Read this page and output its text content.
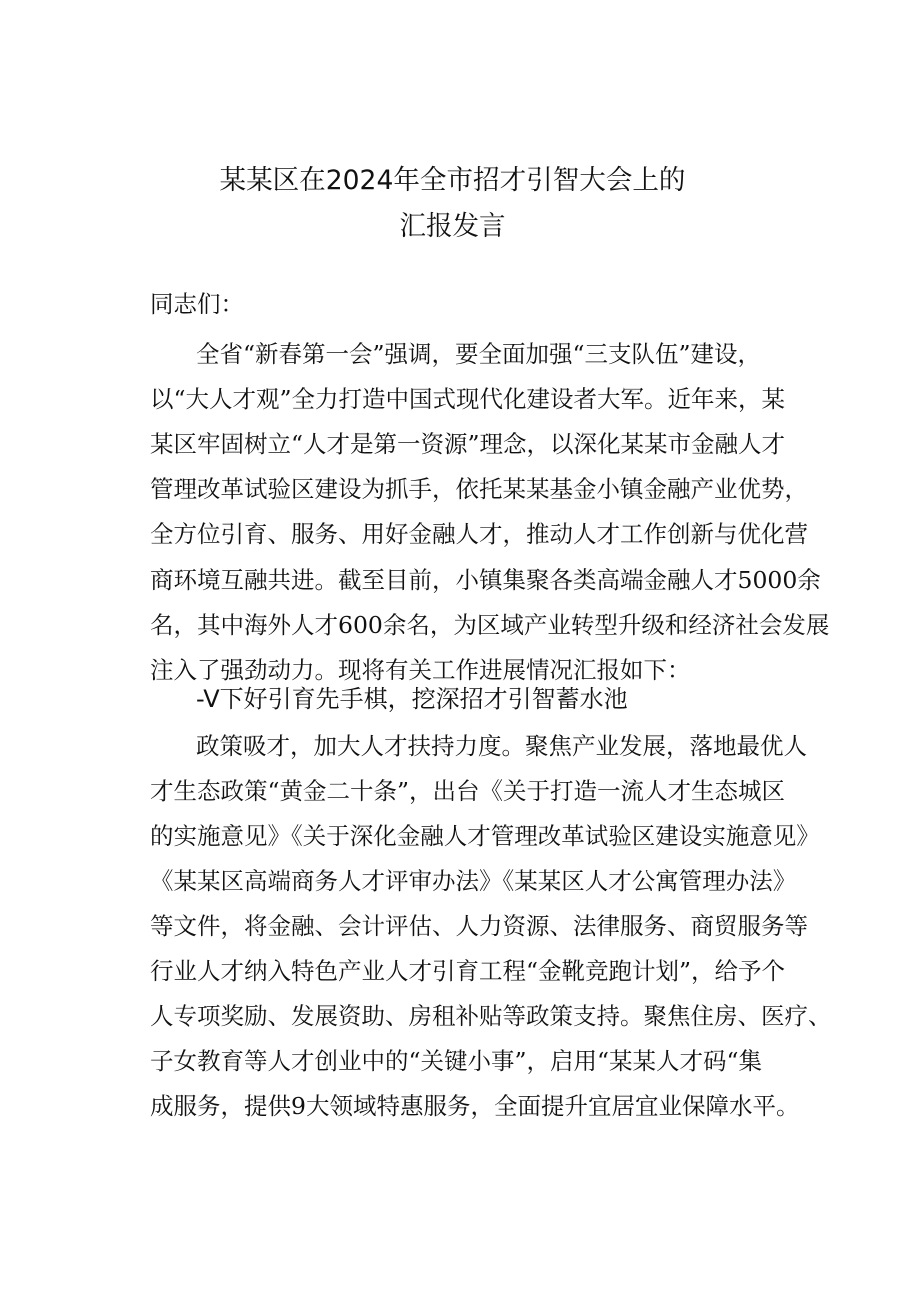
某某区在2024年全市招才引智大会上的
汇报发言
同志们：
全省“新春第一会”强调，要全面加强“三支队伍”建设，
以“大人才观”全力打造中国式现代化建设者大军。近年来，某
某区牢固树立“人才是第一资源”理念，以深化某某市金融人才
管理改革试验区建设为抓手，依托某某基金小镇金融产业优势，
全方位引育、服务、用好金融人才，推动人才工作创新与优化营
商环境互融共进。截至目前，小镇集聚各类高端金融人才5000余
名，其中海外人才600余名，为区域产业转型升级和经济社会发展
注入了强劲动力。现将有关工作进展情况汇报如下：
-V下好引育先手棋，挖深招才引智蓄水池
政策吸才，加大人才扶持力度。聚焦产业发展，落地最优人
才生态政策“黄金二十条”，出台《关于打造一流人才生态城区
的实施意见》《关于深化金融人才管理改革试验区建设实施意见》
《某某区高端商务人才评审办法》《某某区人才公寓管理办法》
等文件，将金融、会计评估、人力资源、法律服务、商贸服务等
行业人才纳入特色产业人才引育工程“金靴竞跑计划”，给予个
人专项奖励、发展资助、房租补贴等政策支持。聚焦住房、医疗、
子女教育等人才创业中的“关键小事”，启用“某某人才码“集
成服务，提供9大领域特惠服务，全面提升宜居宜业保障水平。
